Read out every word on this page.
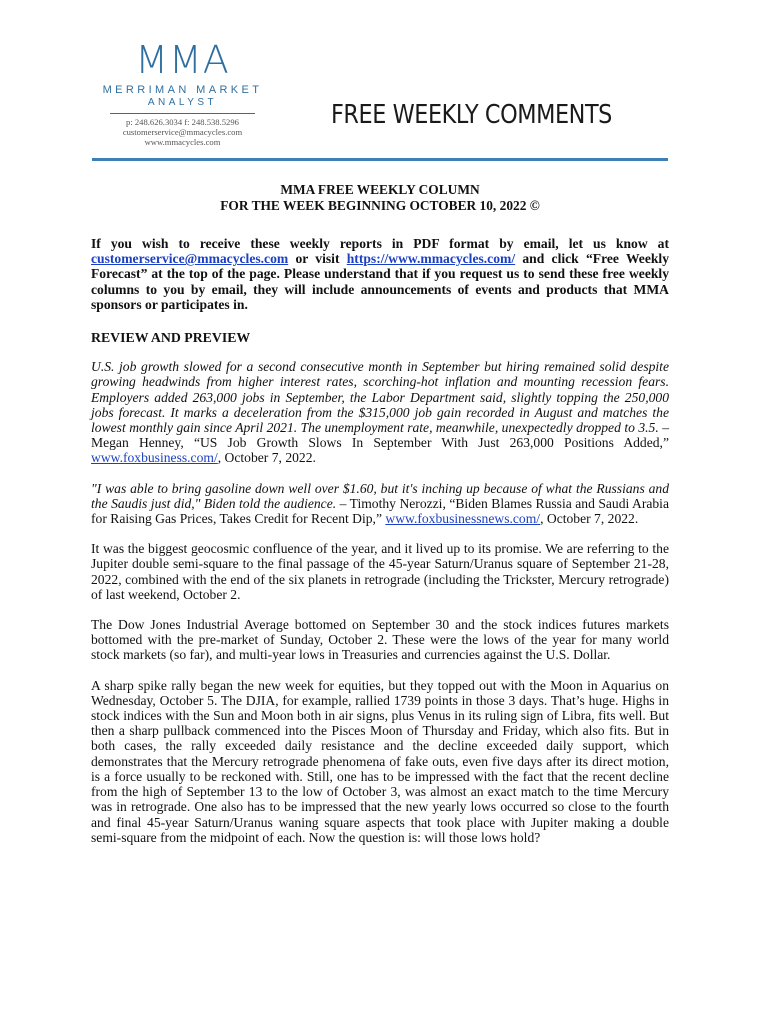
MMA
MERRIMAN MARKET
ANALYST
p: 248.626.3034 f: 248.538.5296
customerservice@mmacycles.com
www.mmacycles.com
FREE WEEKLY COMMENTS
MMA FREE WEEKLY COLUMN
FOR THE WEEK BEGINNING OCTOBER 10, 2022 ©

If you wish to receive these weekly reports in PDF format by email, let us know at customerservice@mmacycles.com or visit https://www.mmacycles.com/ and click “Free Weekly Forecast” at the top of the page. Please understand that if you request us to send these free weekly columns to you by email, they will include announcements of events and products that MMA sponsors or participates in.

REVIEW AND PREVIEW

U.S. job growth slowed for a second consecutive month in September but hiring remained solid despite growing headwinds from higher interest rates, scorching-hot inflation and mounting recession fears. Employers added 263,000 jobs in September, the Labor Department said, slightly topping the 250,000 jobs forecast. It marks a deceleration from the $315,000 job gain recorded in August and matches the lowest monthly gain since April 2021. The unemployment rate, meanwhile, unexpectedly dropped to 3.5. – Megan Henney, “US Job Growth Slows In September With Just 263,000 Positions Added,” www.foxbusiness.com/, October 7, 2022.

"I was able to bring gasoline down well over $1.60, but it's inching up because of what the Russians and the Saudis just did," Biden told the audience. – Timothy Nerozzi, “Biden Blames Russia and Saudi Arabia for Raising Gas Prices, Takes Credit for Recent Dip,” www.foxbusinessnews.com/, October 7, 2022.

It was the biggest geocosmic confluence of the year, and it lived up to its promise. We are referring to the Jupiter double semi-square to the final passage of the 45-year Saturn/Uranus square of September 21-28, 2022, combined with the end of the six planets in retrograde (including the Trickster, Mercury retrograde) of last weekend, October 2.

The Dow Jones Industrial Average bottomed on September 30 and the stock indices futures markets bottomed with the pre-market of Sunday, October 2. These were the lows of the year for many world stock markets (so far), and multi-year lows in Treasuries and currencies against the U.S. Dollar.

A sharp spike rally began the new week for equities, but they topped out with the Moon in Aquarius on Wednesday, October 5. The DJIA, for example, rallied 1739 points in those 3 days. That’s huge. Highs in stock indices with the Sun and Moon both in air signs, plus Venus in its ruling sign of Libra, fits well. But then a sharp pullback commenced into the Pisces Moon of Thursday and Friday, which also fits. But in both cases, the rally exceeded daily resistance and the decline exceeded daily support, which demonstrates that the Mercury retrograde phenomena of fake outs, even five days after its direct motion, is a force usually to be reckoned with. Still, one has to be impressed with the fact that the recent decline from the high of September 13 to the low of October 3, was almost an exact match to the time Mercury was in retrograde. One also has to be impressed that the new yearly lows occurred so close to the fourth and final 45-year Saturn/Uranus waning square aspects that took place with Jupiter making a double semi-square from the midpoint of each. Now the question is: will those lows hold?
